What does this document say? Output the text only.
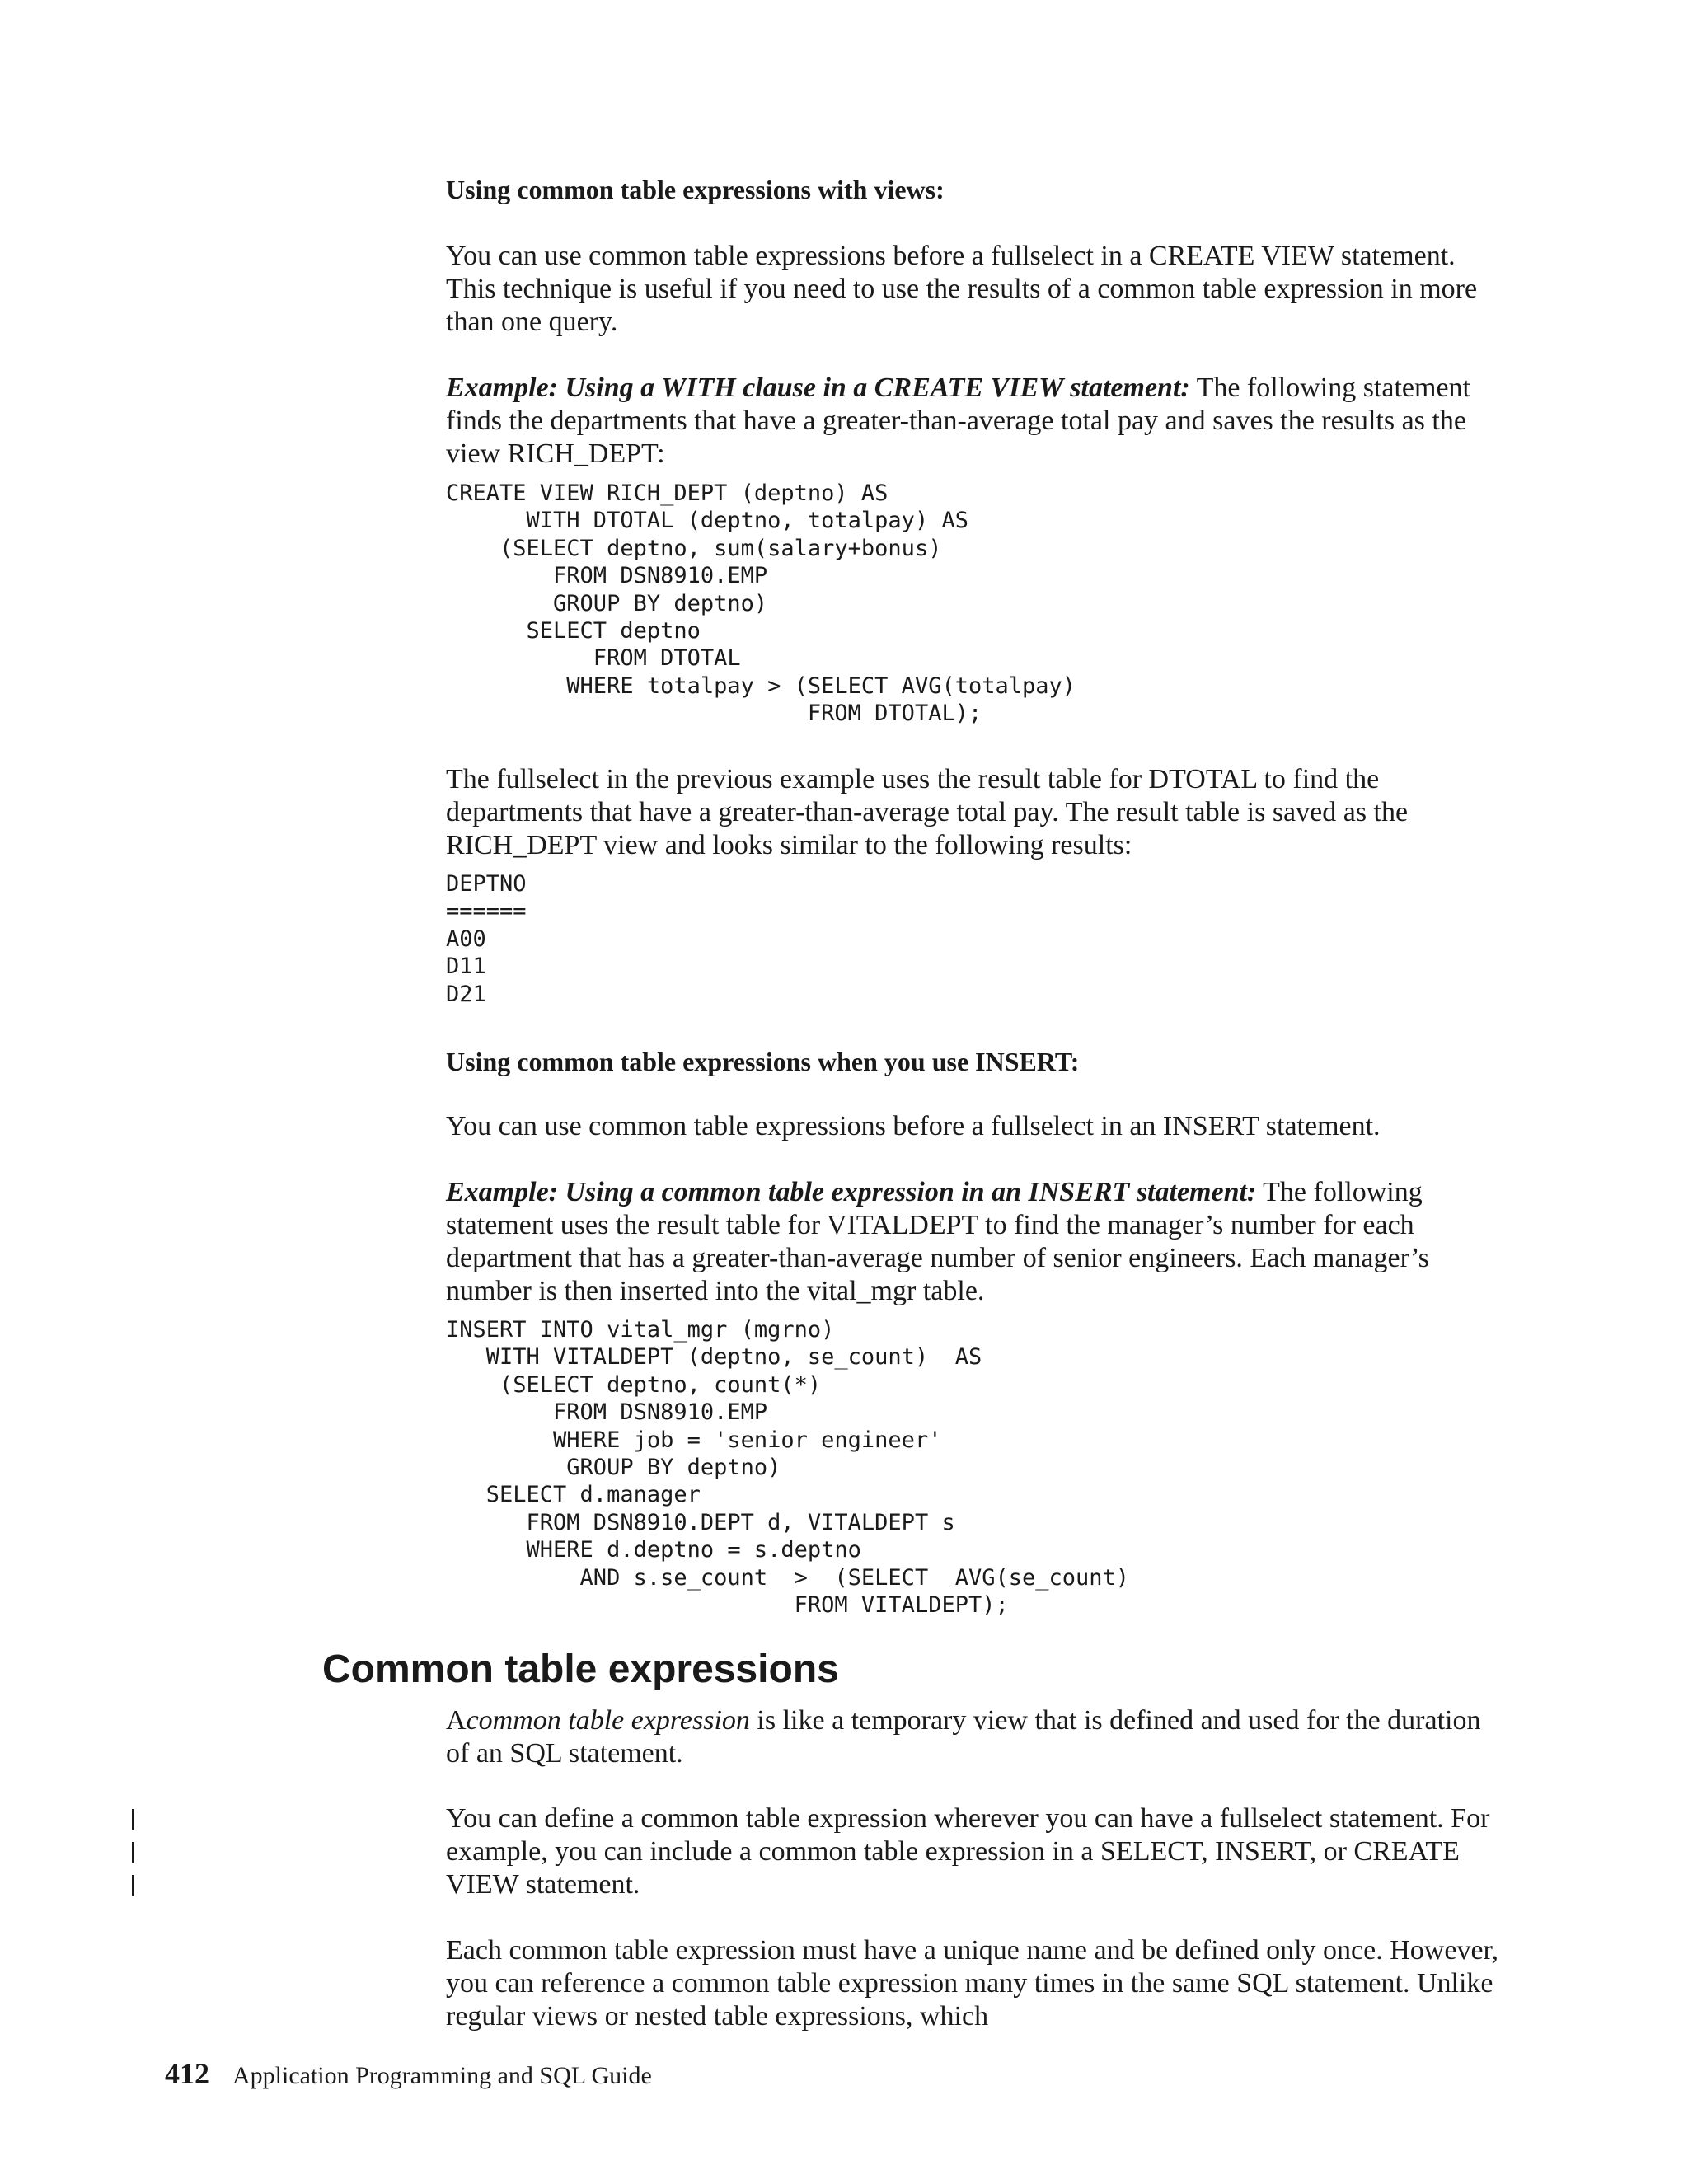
Using common table expressions with views:

You can use common table expressions before a fullselect in a CREATE VIEW statement. This technique is useful if you need to use the results of a common table expression in more than one query.

Example: Using a WITH clause in a CREATE VIEW statement: The following statement finds the departments that have a greater-than-average total pay and saves the results as the view RICH_DEPT:

CREATE VIEW RICH_DEPT (deptno) AS
WITH DTOTAL (deptno, totalpay) AS
(SELECT deptno, sum(salary+bonus)
FROM DSN8910.EMP
GROUP BY deptno)
SELECT deptno
FROM DTOTAL
WHERE totalpay > (SELECT AVG(totalpay)
FROM DTOTAL);

The fullselect in the previous example uses the result table for DTOTAL to find the departments that have a greater-than-average total pay. The result table is saved as the RICH_DEPT view and looks similar to the following results:

DEPTNO
======
A00
D11
D21

Using common table expressions when you use INSERT:

You can use common table expressions before a fullselect in an INSERT statement.

Example: Using a common table expression in an INSERT statement: The following statement uses the result table for VITALDEPT to find the manager’s number for each department that has a greater-than-average number of senior engineers. Each manager’s number is then inserted into the vital_mgr table.

INSERT INTO vital_mgr (mgrno)
WITH VITALDEPT (deptno, se_count)  AS
(SELECT deptno, count(*)
FROM DSN8910.EMP
WHERE job = 'senior engineer'
GROUP BY deptno)
SELECT d.manager
FROM DSN8910.DEPT d, VITALDEPT s
WHERE d.deptno = s.deptno
AND s.se_count  >  (SELECT  AVG(se_count)
FROM VITALDEPT);
Common table expressions

Acommon table expression is like a temporary view that is defined and used for the duration of an SQL statement.

You can define a common table expression wherever you can have a fullselect statement. For example, you can include a common table expression in a SELECT, INSERT, or CREATE VIEW statement.

Each common table expression must have a unique name and be defined only once. However, you can reference a common table expression many times in the same SQL statement. Unlike regular views or nested table expressions, which

412 Application Programming and SQL Guide
